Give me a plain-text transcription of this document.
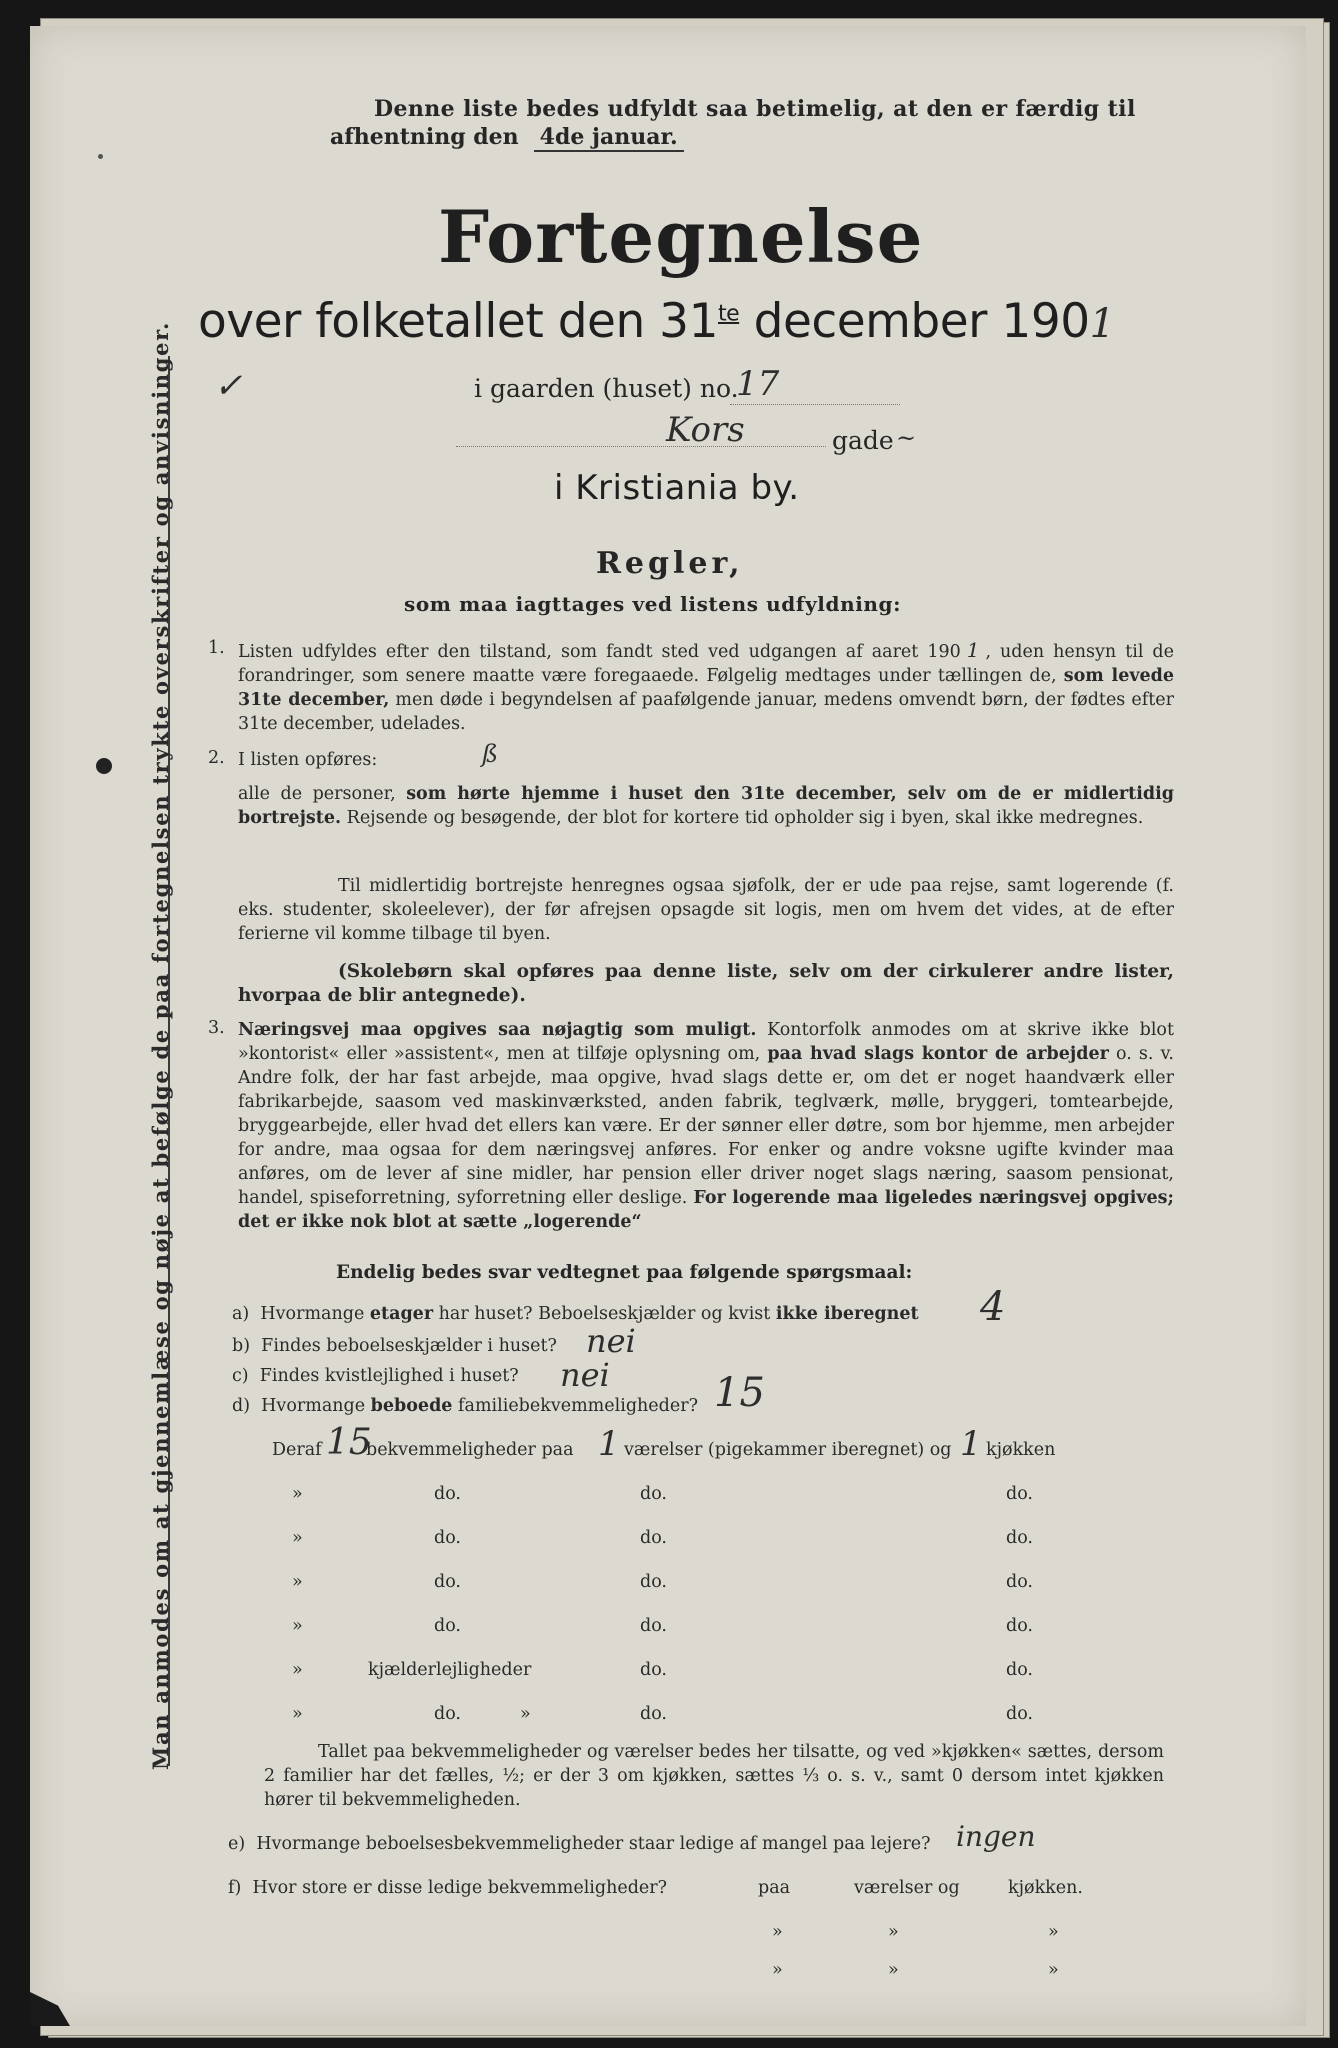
Denne liste bedes udfyldt saa betimelig, at den er færdig til
afhentning den 4de januar.
Fortegnelse
over folketallet den $31^{te}$ december 1901
✓	i gaarden (huset) no.
17
Kors	gade ~
i Kristiania by.
Man anmodes om at gjennemlæse og nøje at befølge de paa fortegnelsen trykte overskrifter og anvisninger.	Regler,
som maa iagttages ved listens udfyldning:
1. Listen udfyldes efter den tilstand, som fandt sted ved udgangen af aaret 190 1 , uden hensyn til de forandringer, som senere maatte være foregaaede. Følgelig medtages under tællingen de, som levede 31te december, men døde i begyndelsen af paafølgende januar, medens omvendt børn, der fødtes efter 31te december, udelades.
2. I listen opføres:	ß
alle de personer, som hørte hjemme i huset den 31te december, selv om de er midlertidig bortrejste. Rejsende og besøgende, der blot for kortere tid opholder sig i byen, skal ikke medregnes.
Til midlertidig bortrejste henregnes ogsaa sjøfolk, der er ude paa rejse, samt logerende (f. eks. studenter, skoleelever), der før afrejsen opsagde sit logis, men om hvem det vides, at de efter ferierne vil komme tilbage til byen.
(Skolebørn skal opføres paa denne liste, selv om der cirkulerer andre lister, hvorpaa de blir antegnede).
3. Næringsvej maa opgives saa nøjagtig som muligt. Kontorfolk anmodes om at skrive ikke blot »kontorist« eller »assistent«, men at tilføje oplysning om, paa hvad slags kontor de arbejder o. s. v. Andre folk, der har fast arbejde, maa opgive, hvad slags dette er, om det er noget haandværk eller fabrikarbejde, saasom ved maskinværksted, anden fabrik, teglværk, mølle, bryggeri, tomtearbejde, bryggearbejde, eller hvad det ellers kan være. Er der sønner eller døtre, som bor hjemme, men arbejder for andre, maa ogsaa for dem næringsvej anføres. For enker og andre voksne ugifte kvinder maa anføres, om de lever af sine midler, har pension eller driver noget slags næring, saasom pensionat, handel, spiseforretning, syforretning eller deslige. For logerende maa ligeledes næringsvej opgives; det er ikke nok blot at sætte „logerende“
Endelig bedes svar vedtegnet paa følgende spørgsmaal:
a) Hvormange etager har huset? Beboelseskjælder og kvist ikke iberegnet 4
b) Findes beboelseskjælder i huset? nei
c) Findes kvistlejlighed i huset? nei
d) Hvormange beboede familiebekvemmeligheder? 15
Deraf 15
bekvemmeligheder paa 1 værelser (pigekammer iberegnet) og 1 kjøkken
»	do.	do.	do.
»	do.	do.	do.
»	do.	do.	do.
»	do.	do.	do.
»	kjælderlejligheder	do.	do.
»	do.	»	do.	do.
Tallet paa bekvemmeligheder og værelser bedes her tilsatte, og ved »kjøkken« sættes, dersom 2 familier har det fælles, ½; er der 3 om kjøkken, sættes ⅓ o. s. v., samt 0 dersom intet kjøkken hører til bekvemmeligheden.
e) Hvormange beboelsesbekvemmeligheder staar ledige af mangel paa lejere? ingen
f) Hvor store er disse ledige bekvemmeligheder?	paa	værelser og	kjøkken.
»	»	»
»	»	»
